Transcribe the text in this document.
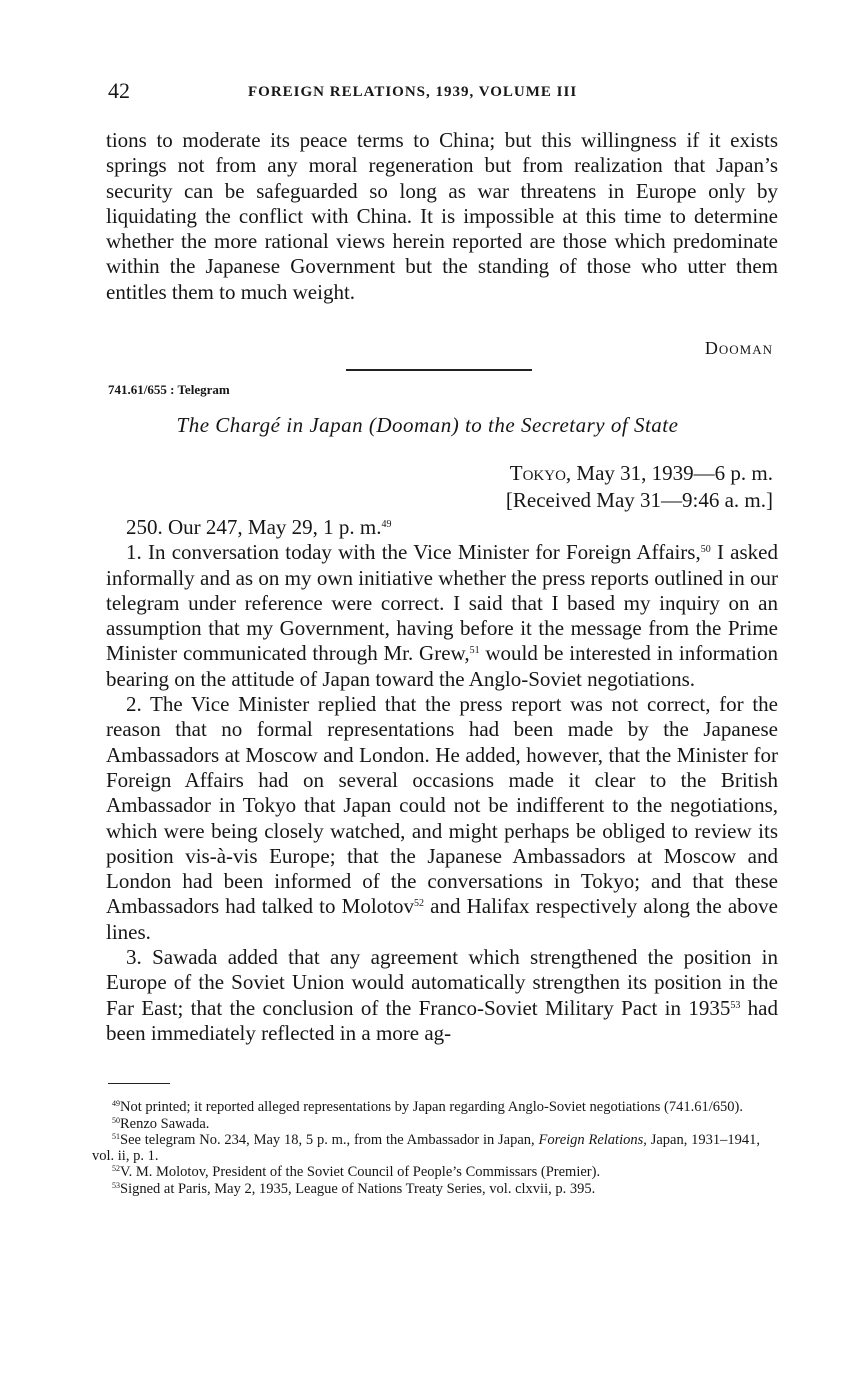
42	FOREIGN RELATIONS, 1939, VOLUME III

tions to moderate its peace terms to China; but this willingness if it exists springs not from any moral regeneration but from realization that Japan’s security can be safeguarded so long as war threatens in Europe only by liquidating the conflict with China. It is impossible at this time to determine whether the more rational views herein reported are those which predominate within the Japanese Government but the standing of those who utter them entitles them to much weight.

Dooman
741.61/655 : Telegram
The Chargé in Japan (Dooman) to the Secretary of State
Tokyo, May 31, 1939—6 p. m.
[Received May 31—9:46 a. m.]

250. Our 247, May 29, 1 p. m.$^{49}$

1. In conversation today with the Vice Minister for Foreign Affairs,$^{50}$ I asked informally and as on my own initiative whether the press reports outlined in our telegram under reference were correct. I said that I based my inquiry on an assumption that my Government, having before it the message from the Prime Minister communicated through Mr. Grew,$^{51}$ would be interested in information bearing on the attitude of Japan toward the Anglo-Soviet negotiations.

2. The Vice Minister replied that the press report was not correct, for the reason that no formal representations had been made by the Japanese Ambassadors at Moscow and London. He added, however, that the Minister for Foreign Affairs had on several occasions made it clear to the British Ambassador in Tokyo that Japan could not be indifferent to the negotiations, which were being closely watched, and might perhaps be obliged to review its position vis-à-vis Europe; that the Japanese Ambassadors at Moscow and London had been informed of the conversations in Tokyo; and that these Ambassadors had talked to Molotov$^{52}$ and Halifax respectively along the above lines.

3. Sawada added that any agreement which strengthened the position in Europe of the Soviet Union would automatically strengthen its position in the Far East; that the conclusion of the Franco-Soviet Military Pact in 1935$^{53}$ had been immediately reflected in a more ag-

$^{49}$Not printed; it reported alleged representations by Japan regarding Anglo-Soviet negotiations (741.61/650).

$^{50}$Renzo Sawada.

$^{51}$See telegram No. 234, May 18, 5 p. m., from the Ambassador in Japan, Foreign Relations, Japan, 1931–1941, vol. ii, p. 1.

$^{52}$V. M. Molotov, President of the Soviet Council of People’s Commissars (Premier).

$^{53}$Signed at Paris, May 2, 1935, League of Nations Treaty Series, vol. clxvii, p. 395.
